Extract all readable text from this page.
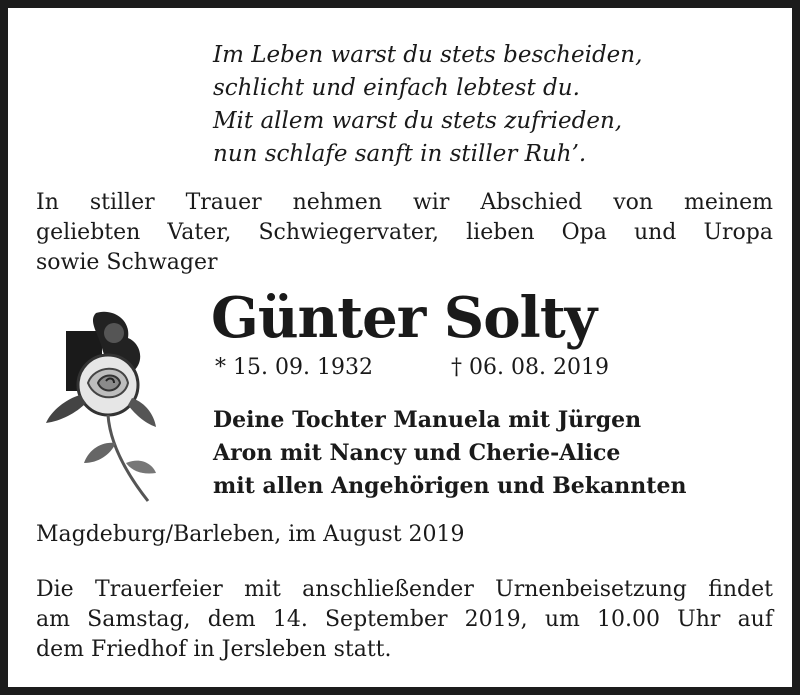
Im Leben warst du stets bescheiden,
schlicht und einfach lebtest du.
Mit allem warst du stets zufrieden,
nun schlafe sanft in stiller Ruh’.
In stiller Trauer nehmen wir Abschied von meinem
geliebten Vater, Schwiegervater, lieben Opa und Uropa
sowie Schwager
Günter Solty
* 15. 09. 1932	† 06. 08. 2019
Deine Tochter Manuela mit Jürgen
Aron mit Nancy und Cherie-Alice
mit allen Angehörigen und Bekannten
Magdeburg/Barleben, im August 2019
Die Trauerfeier mit anschließender Urnenbeisetzung findet
am Samstag, dem 14. September 2019, um 10.00 Uhr auf
dem Friedhof in Jersleben statt.
